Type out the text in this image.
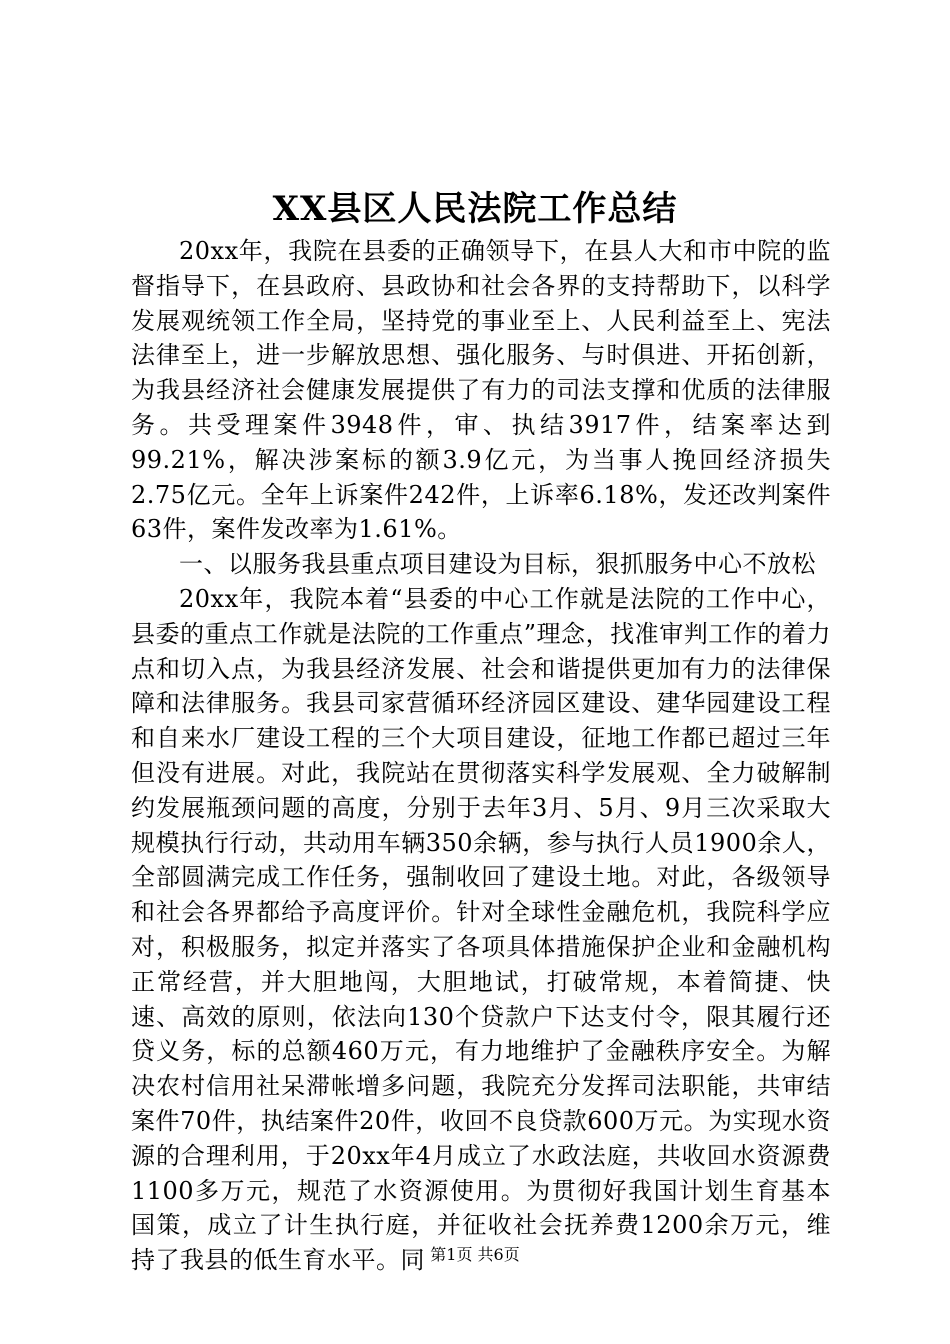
XX县区人民法院工作总结

20xx年，我院在县委的正确领导下，在县人大和市中院的监督指导下，在县政府、县政协和社会各界的支持帮助下，以科学发展观统领工作全局，坚持党的事业至上、人民利益至上、宪法法律至上，进一步解放思想、强化服务、与时俱进、开拓创新，为我县经济社会健康发展提供了有力的司法支撑和优质的法律服务。共受理案件3948件，审、执结3917件，结案率达到99.21%，解决涉案标的额3.9亿元，为当事人挽回经济损失2.75亿元。全年上诉案件242件，上诉率6.18%，发还改判案件63件，案件发改率为1.61%。

一、以服务我县重点项目建设为目标，狠抓服务中心不放松

20xx年，我院本着“县委的中心工作就是法院的工作中心，县委的重点工作就是法院的工作重点”理念，找准审判工作的着力点和切入点，为我县经济发展、社会和谐提供更加有力的法律保障和法律服务。我县司家营循环经济园区建设、建华园建设工程和自来水厂建设工程的三个大项目建设，征地工作都已超过三年但没有进展。对此，我院站在贯彻落实科学发展观、全力破解制约发展瓶颈问题的高度，分别于去年3月、5月、9月三次采取大规模执行行动，共动用车辆350余辆，参与执行人员1900余人，全部圆满完成工作任务，强制收回了建设土地。对此，各级领导和社会各界都给予高度评价。针对全球性金融危机，我院科学应对，积极服务，拟定并落实了各项具体措施保护企业和金融机构正常经营，并大胆地闯，大胆地试，打破常规，本着简捷、快速、高效的原则，依法向130个贷款户下达支付令，限其履行还贷义务，标的总额460万元，有力地维护了金融秩序安全。为解决农村信用社呆滞帐增多问题，我院充分发挥司法职能，共审结案件70件，执结案件20件，收回不良贷款600万元。为实现水资源的合理利用，于20xx年4月成立了水政法庭，共收回水资源费1100多万元，规范了水资源使用。为贯彻好我国计划生育基本国策，成立了计生执行庭，并征收社会抚养费1200余万元，维持了我县的低生育水平。同 第1页 共6页
